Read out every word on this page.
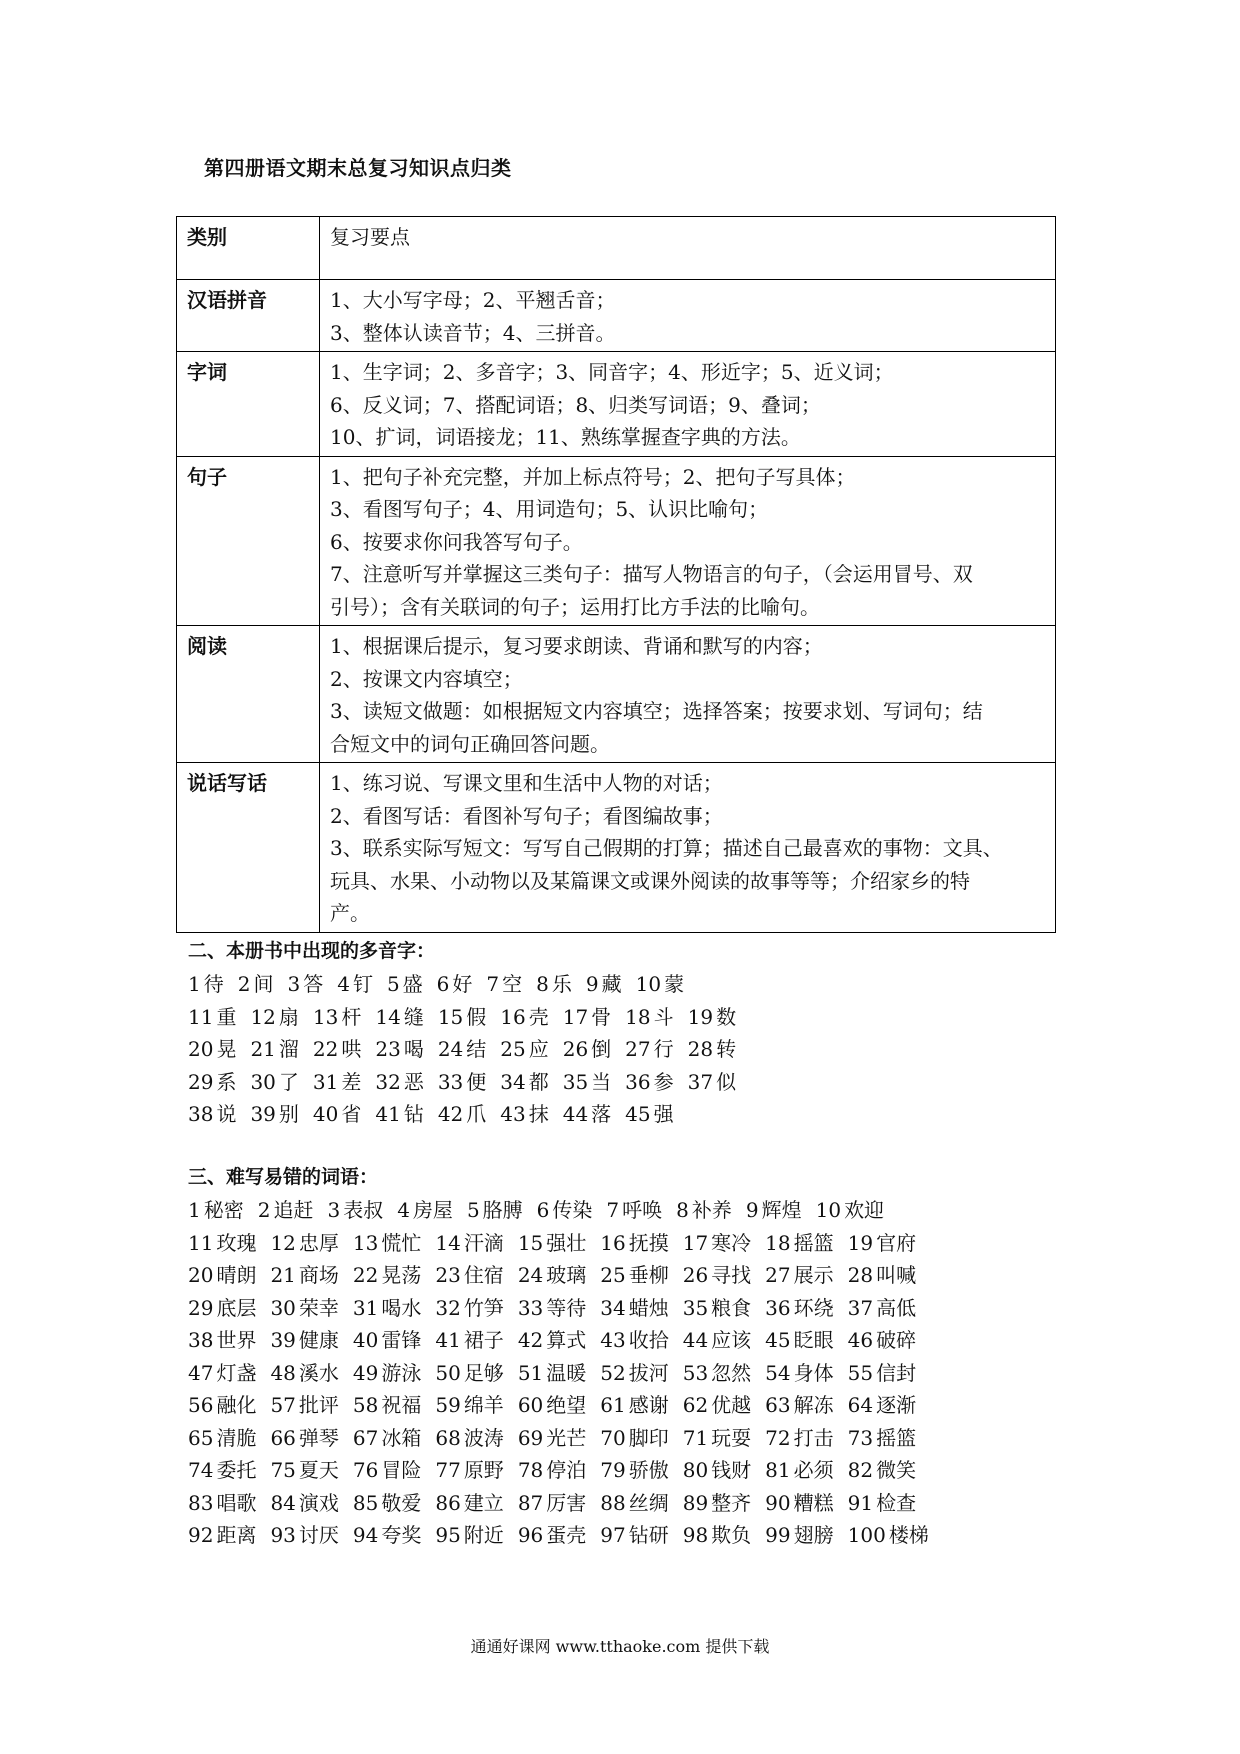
第四册语文期末总复习知识点归类
类别	复习要点
汉语拼音	1、大小写字母；2、平翘舌音；
3、整体认读音节；4、三拼音。

字词	1、生字词；2、多音字；3、同音字；4、形近字；5、近义词；
6、反义词；7、搭配词语；8、归类写词语；9、叠词；
10、扩词，词语接龙；11、熟练掌握查字典的方法。

句子	1、把句子补充完整，并加上标点符号；2、把句子写具体；
3、看图写句子；4、用词造句；5、认识比喻句；
6、按要求你问我答写句子。
7、注意听写并掌握这三类句子：描写人物语言的句子，（会运用冒号、双
引号）；含有关联词的句子；运用打比方手法的比喻句。

阅读	1、根据课后提示，复习要求朗读、背诵和默写的内容；
2、按课文内容填空；
3、读短文做题：如根据短文内容填空；选择答案；按要求划、写词句；结
合短文中的词句正确回答问题。

说话写话	1、练习说、写课文里和生活中人物的对话；
2、看图写话：看图补写句子；看图编故事；
3、联系实际写短文：写写自己假期的打算；描述自己最喜欢的事物：文具、
玩具、水果、小动物以及某篇课文或课外阅读的故事等等；介绍家乡的特
产。
二、本册书中出现的多音字：
1 待 2 间 3 答 4 钉 5 盛 6 好 7 空 8 乐 9 藏 10 蒙
11 重 12 扇 13 杆 14 缝 15 假 16 壳 17 骨 18 斗 19 数
20 晃 21 溜 22 哄 23 喝 24 结 25 应 26 倒 27 行 28 转
29 系 30 了 31 差 32 恶 33 便 34 都 35 当 36 参 37 似
38 说 39 别 40 省 41 钻 42 爪 43 抹 44 落 45 强
三、难写易错的词语：
1 秘密 2 追赶 3 表叔 4 房屋 5 胳膊 6 传染 7 呼唤 8 补养 9 辉煌 10 欢迎
11 玫瑰 12 忠厚 13 慌忙 14 汗滴 15 强壮 16 抚摸 17 寒冷 18 摇篮 19 官府
20 晴朗 21 商场 22 晃荡 23 住宿 24 玻璃 25 垂柳 26 寻找 27 展示 28 叫喊
29 底层 30 荣幸 31 喝水 32 竹笋 33 等待 34 蜡烛 35 粮食 36 环绕 37 高低
38 世界 39 健康 40 雷锋 41 裙子 42 算式 43 收拾 44 应该 45 眨眼 46 破碎
47 灯盏 48 溪水 49 游泳 50 足够 51 温暖 52 拔河 53 忽然 54 身体 55 信封
56 融化 57 批评 58 祝福 59 绵羊 60 绝望 61 感谢 62 优越 63 解冻 64 逐渐
65 清脆 66 弹琴 67 冰箱 68 波涛 69 光芒 70 脚印 71 玩耍 72 打击 73 摇篮
74 委托 75 夏天 76 冒险 77 原野 78 停泊 79 骄傲 80 钱财 81 必须 82 微笑
83 唱歌 84 演戏 85 敬爱 86 建立 87 厉害 88 丝绸 89 整齐 90 糟糕 91 检查
92 距离 93 讨厌 94 夸奖 95 附近 96 蛋壳 97 钻研 98 欺负 99 翅膀 100 楼梯
通通好课网 www.tthaoke.com 提供下载
